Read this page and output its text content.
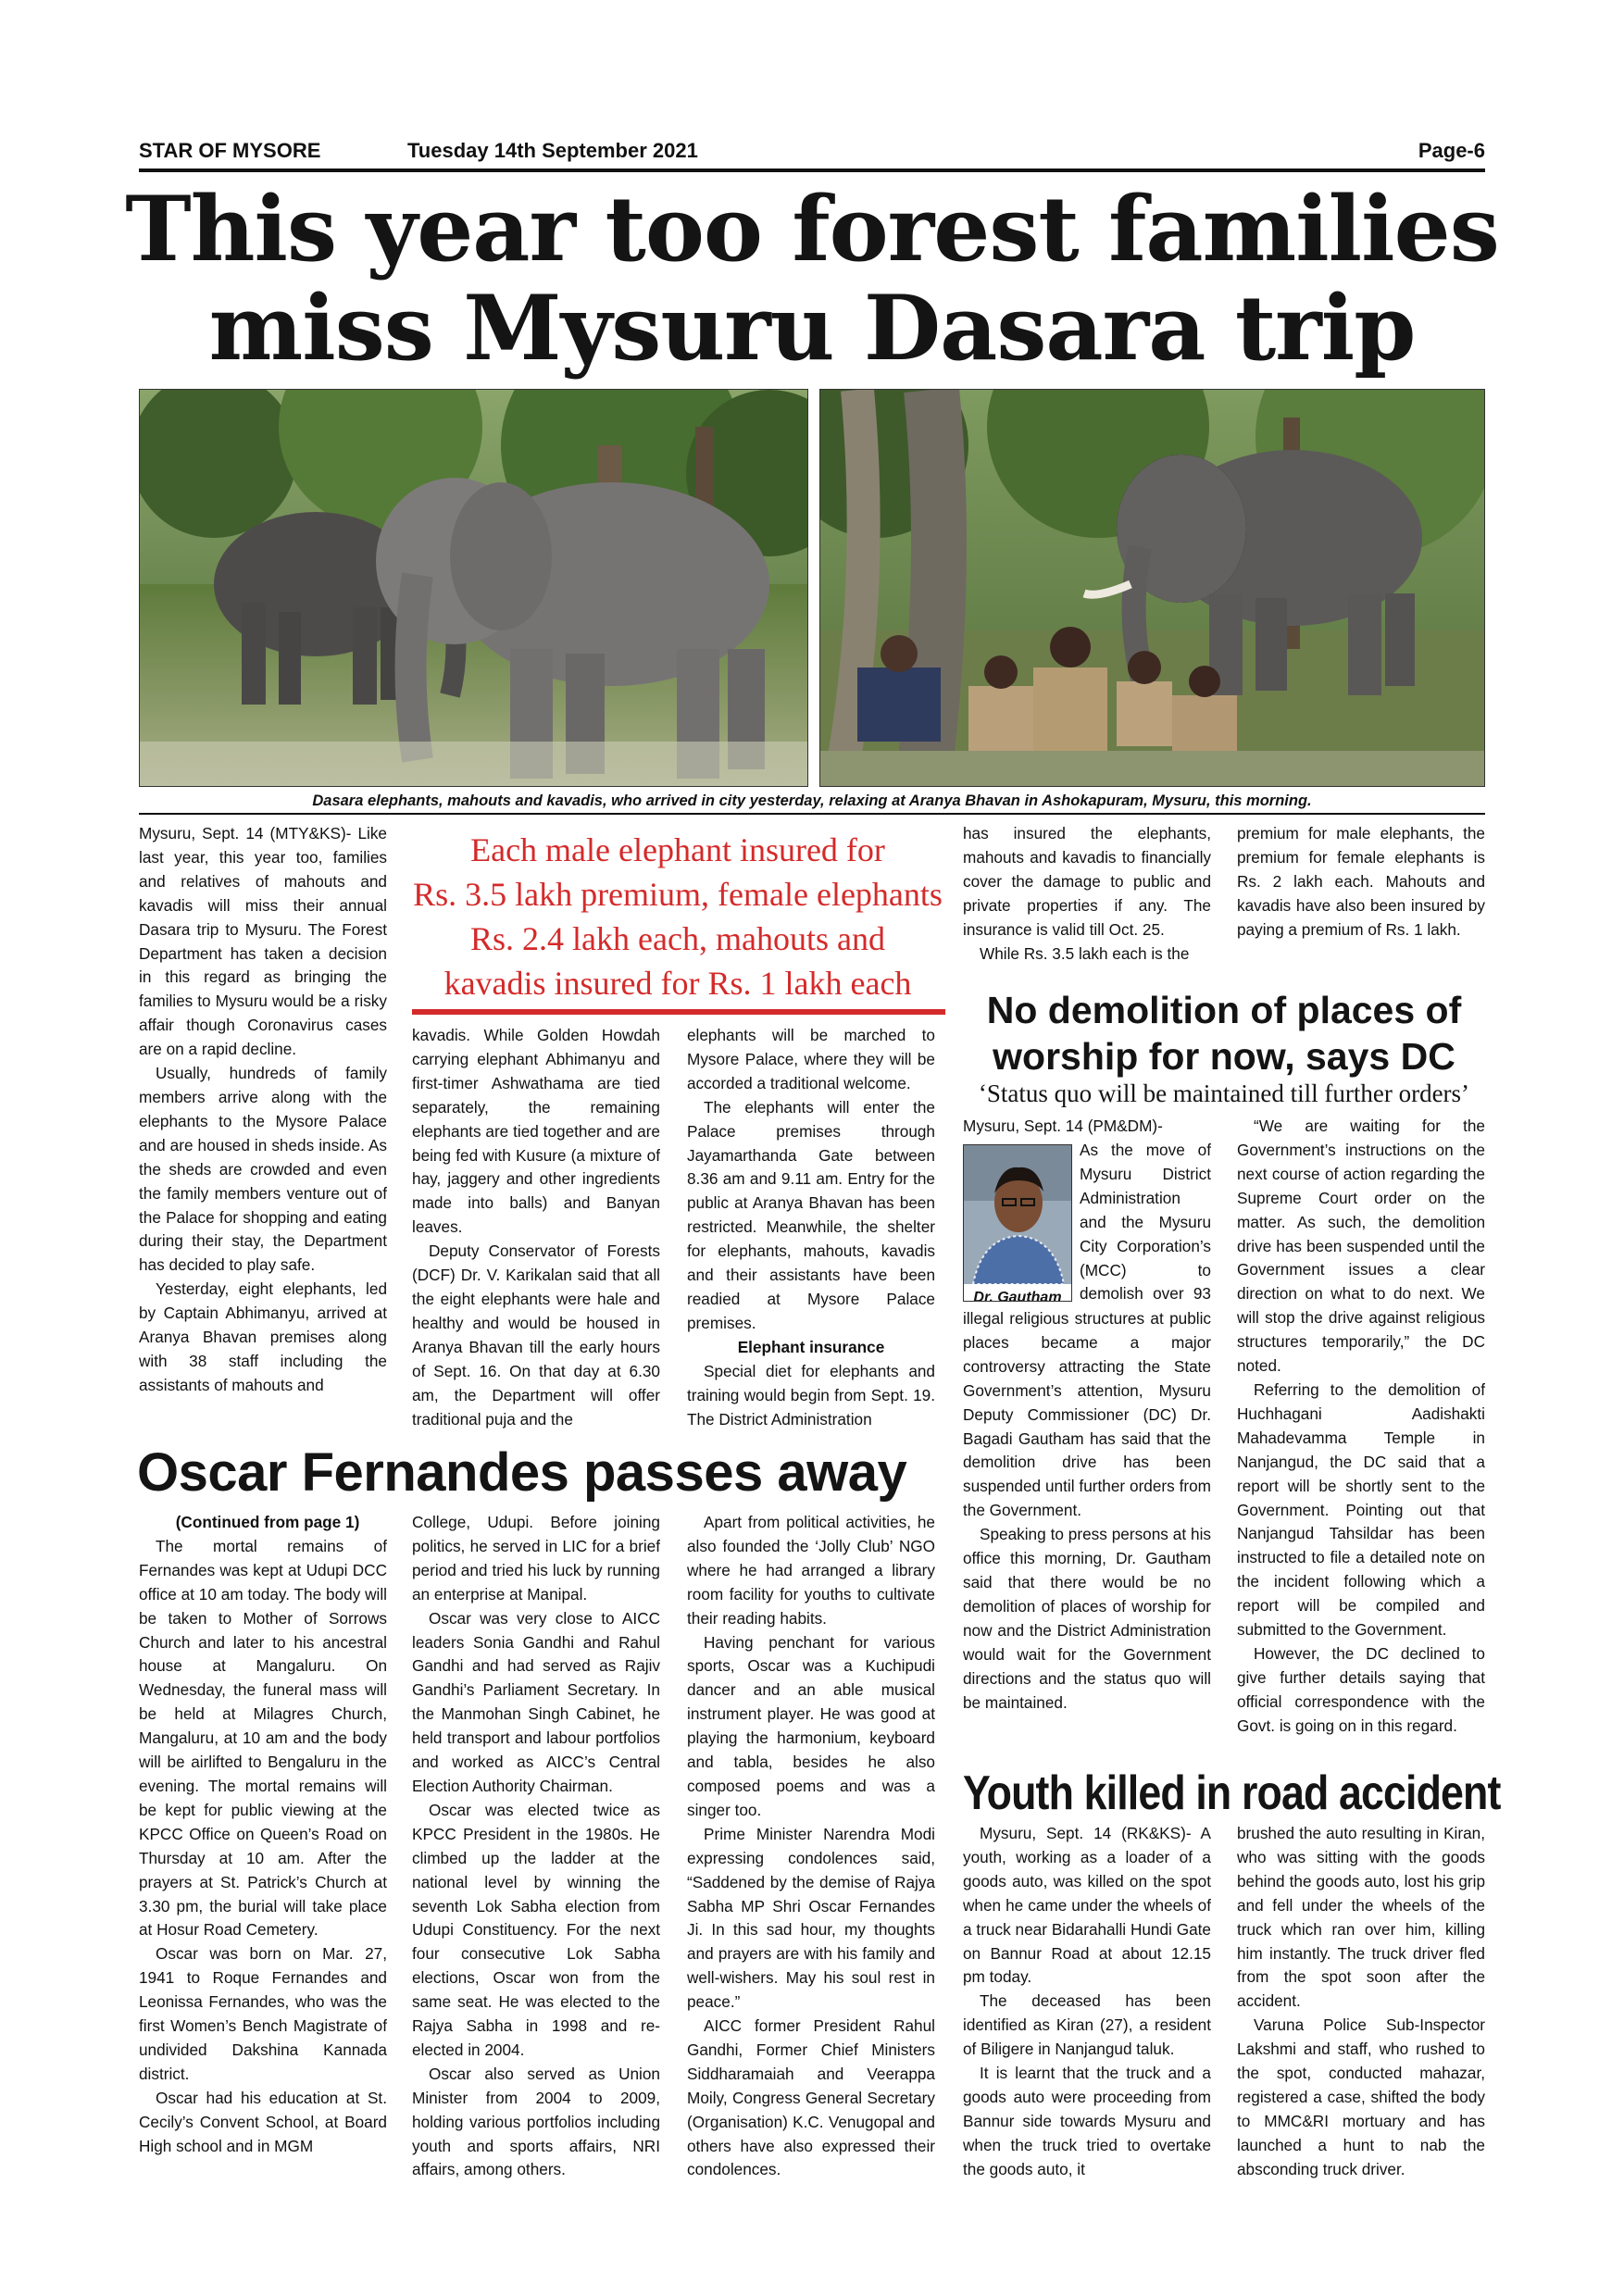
STAR OF MYSORE	Tuesday 14th September 2021	Page-6
This year too forest families
miss Mysuru Dasara trip
Dasara elephants, mahouts and kavadis, who arrived in city yesterday, relaxing at Aranya Bhavan in Ashokapuram, Mysuru, this morning.

Mysuru, Sept. 14 (MTY&KS)- Like last year, this year too, families and relatives of mahouts and kavadis will miss their annual Dasara trip to Mysuru. The Forest Department has taken a decision in this regard as bringing the families to Mysuru would be a risky affair though Coronavirus cases are on a rapid decline.

Usually, hundreds of family members arrive along with the elephants to the Mysore Palace and are housed in sheds inside. As the sheds are crowded and even the family members venture out of the Palace for shopping and eating during their stay, the Department has decided to play safe.

Yesterday, eight elephants, led by Captain Abhimanyu, arrived at Aranya Bhavan premises along with 38 staff including the assistants of mahouts and

Each male elephant insured for
Rs. 3.5 lakh premium, female elephants
Rs. 2.4 lakh each, mahouts and
kavadis insured for Rs. 1 lakh each

kavadis. While Golden Howdah carrying elephant Abhimanyu and first-timer Ashwathama are tied separately, the remaining elephants are tied together and are being fed with Kusure (a mixture of hay, jaggery and other ingredients made into balls) and Banyan leaves.

Deputy Conservator of Forests (DCF) Dr. V. Karikalan said that all the eight elephants were hale and healthy and would be housed in Aranya Bhavan till the early hours of Sept. 16. On that day at 6.30 am, the Department will offer traditional puja and the

elephants will be marched to Mysore Palace, where they will be accorded a traditional welcome.

The elephants will enter the Palace premises through Jayamarthanda Gate between 8.36 am and 9.11 am. Entry for the public at Aranya Bhavan has been restricted. Meanwhile, the shelter for elephants, mahouts, kavadis and their assistants have been readied at Mysore Palace premises.

Elephant insurance

Special diet for elephants and training would begin from Sept. 19. The District Administration

has insured the elephants, mahouts and kavadis to financially cover the damage to public and private properties if any. The insurance is valid till Oct. 25.

While Rs. 3.5 lakh each is the

premium for male elephants, the premium for female elephants is Rs. 2 lakh each. Mahouts and kavadis have also been insured by paying a premium of Rs. 1 lakh.

No demolition of places of
worship for now, says DC
‘Status quo will be maintained till further orders’

Mysuru, Sept. 14 (PM&DM)-

Dr. Gautham

As the move of Mysuru District Administration and the Mysuru City Corporation’s (MCC) to demolish over 93

illegal religious structures at public places became a major controversy attracting the State Government’s attention, Mysuru Deputy Commissioner (DC) Dr. Bagadi Gautham has said that the demolition drive has been suspended until further orders from the Government.

Speaking to press persons at his office this morning, Dr. Gautham said that there would be no demolition of places of worship for now and the District Administration would wait for the Government directions and the status quo will be maintained.

“We are waiting for the Government’s instructions on the next course of action regarding the Supreme Court order on the matter. As such, the demolition drive has been suspended until the Government issues a clear direction on what to do next. We will stop the drive against religious structures temporarily,” the DC noted.

Referring to the demolition of Huchhagani Aadishakti Mahadevamma Temple in Nanjangud, the DC said that a report will be shortly sent to the Government. Pointing out that Nanjangud Tahsildar has been instructed to file a detailed note on the incident following which a report will be compiled and submitted to the Government.

However, the DC declined to give further details saying that official correspondence with the Govt. is going on in this regard.

Oscar Fernandes passes away

(Continued from page 1)

The mortal remains of Fernandes was kept at Udupi DCC office at 10 am today. The body will be taken to Mother of Sorrows Church and later to his ancestral house at Mangaluru. On Wednesday, the funeral mass will be held at Milagres Church, Mangaluru, at 10 am and the body will be airlifted to Bengaluru in the evening. The mortal remains will be kept for public viewing at the KPCC Office on Queen’s Road on Thursday at 10 am. After the prayers at St. Patrick’s Church at 3.30 pm, the burial will take place at Hosur Road Cemetery.

Oscar was born on Mar. 27, 1941 to Roque Fernandes and Leonissa Fernandes, who was the first Women’s Bench Magistrate of undivided Dakshina Kannada district.

Oscar had his education at St. Cecily’s Convent School, at Board High school and in MGM

College, Udupi. Before joining politics, he served in LIC for a brief period and tried his luck by running an enterprise at Manipal.

Oscar was very close to AICC leaders Sonia Gandhi and Rahul Gandhi and had served as Rajiv Gandhi’s Parliament Secretary. In the Manmohan Singh Cabinet, he held transport and labour portfolios and worked as AICC’s Central Election Authority Chairman.

Oscar was elected twice as KPCC President in the 1980s. He climbed up the ladder at the national level by winning the seventh Lok Sabha election from Udupi Constituency. For the next four consecutive Lok Sabha elections, Oscar won from the same seat. He was elected to the Rajya Sabha in 1998 and re-elected in 2004.

Oscar also served as Union Minister from 2004 to 2009, holding various portfolios including youth and sports affairs, NRI affairs, among others.

Apart from political activities, he also founded the ‘Jolly Club’ NGO where he had arranged a library room facility for youths to cultivate their reading habits.

Having penchant for various sports, Oscar was a Kuchipudi dancer and an able musical instrument player. He was good at playing the harmonium, keyboard and tabla, besides he also composed poems and was a singer too.

Prime Minister Narendra Modi expressing condolences said, “Saddened by the demise of Rajya Sabha MP Shri Oscar Fernandes Ji. In this sad hour, my thoughts and prayers are with his family and well-wishers. May his soul rest in peace.”

AICC former President Rahul Gandhi, Former Chief Ministers Siddharamaiah and Veerappa Moily, Congress General Secretary (Organisation) K.C. Venugopal and others have also expressed their condolences.

Youth killed in road accident

Mysuru, Sept. 14 (RK&KS)- A youth, working as a loader of a goods auto, was killed on the spot when he came under the wheels of a truck near Bidarahalli Hundi Gate on Bannur Road at about 12.15 pm today.

The deceased has been identified as Kiran (27), a resident of Biligere in Nanjangud taluk.

It is learnt that the truck and a goods auto were proceeding from Bannur side towards Mysuru and when the truck tried to overtake the goods auto, it

brushed the auto resulting in Kiran, who was sitting with the goods behind the goods auto, lost his grip and fell under the wheels of the truck which ran over him, killing him instantly. The truck driver fled from the spot soon after the accident.

Varuna Police Sub-Inspector Lakshmi and staff, who rushed to the spot, conducted mahazar, registered a case, shifted the body to MMC&RI mortuary and has launched a hunt to nab the absconding truck driver.
